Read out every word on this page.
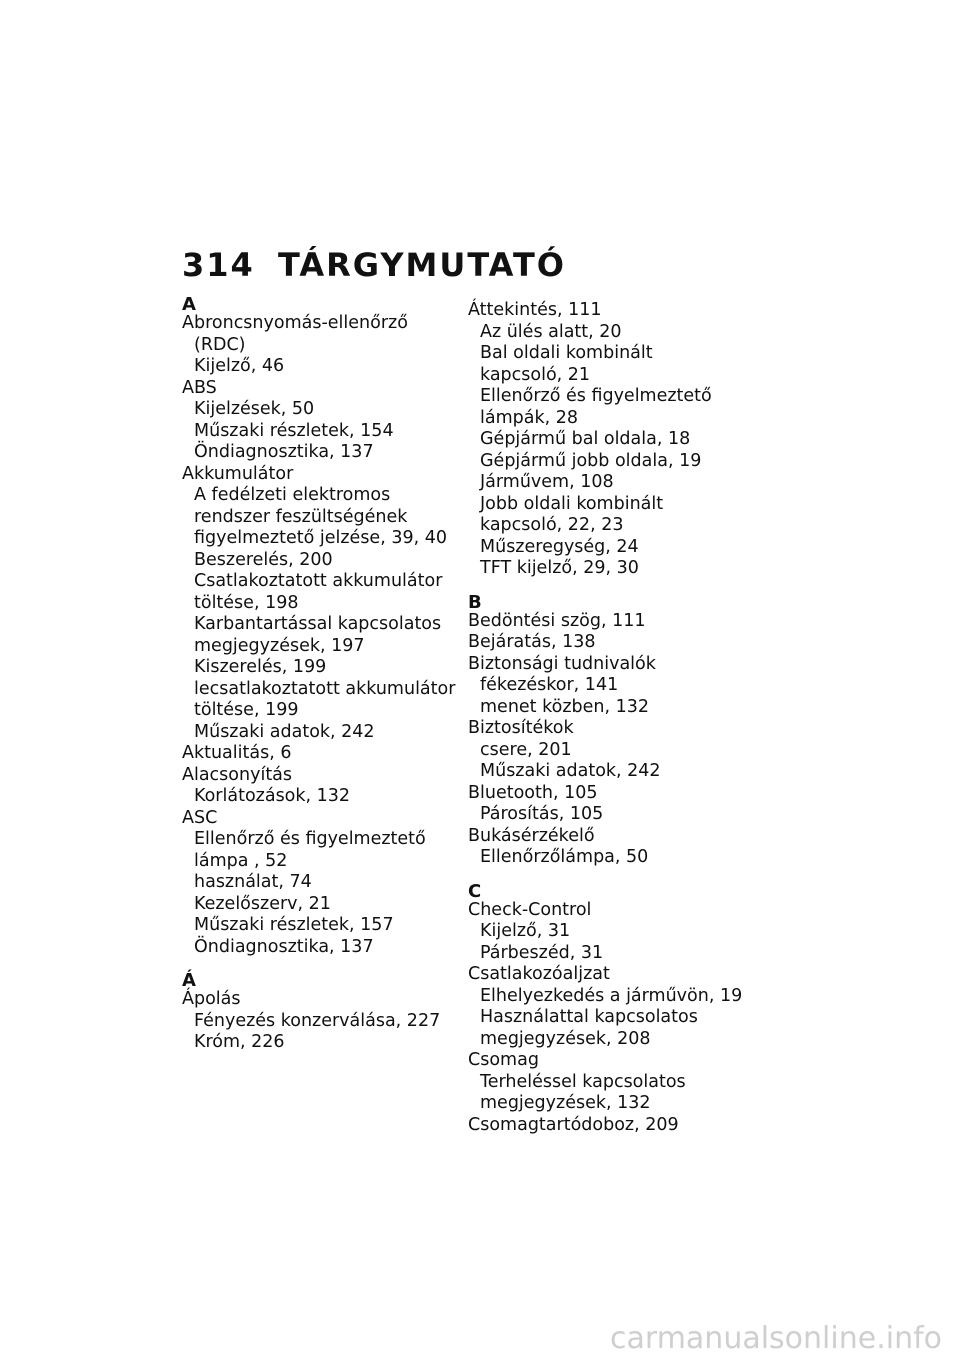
314 TÁRGYMUTATÓ
A
Abroncsnyomás-ellenőrző
(RDC)
Kijelző, 46
ABS
Kijelzések, 50
Műszaki részletek, 154
Öndiagnosztika, 137
Akkumulátor
A fedélzeti elektromos
rendszer feszültségének
figyelmeztető jelzése, 39, 40
Beszerelés, 200
Csatlakoztatott akkumulátor
töltése, 198
Karbantartással kapcsolatos
megjegyzések, 197
Kiszerelés, 199
lecsatlakoztatott akkumulátor
töltése, 199
Műszaki adatok, 242
Aktualitás, 6
Alacsonyítás
Korlátozások, 132
ASC
Ellenőrző és figyelmeztető
lámpa , 52
használat, 74
Kezelőszerv, 21
Műszaki részletek, 157
Öndiagnosztika, 137
Á
Ápolás
Fényezés konzerválása, 227
Króm, 226
Áttekintés, 111
Az ülés alatt, 20
Bal oldali kombinált
kapcsoló, 21
Ellenőrző és figyelmeztető
lámpák, 28
Gépjármű bal oldala, 18
Gépjármű jobb oldala, 19
Járművem, 108
Jobb oldali kombinált
kapcsoló, 22, 23
Műszeregység, 24
TFT kijelző, 29, 30
B
Bedöntési szög, 111
Bejáratás, 138
Biztonsági tudnivalók
fékezéskor, 141
menet közben, 132
Biztosítékok
csere, 201
Műszaki adatok, 242
Bluetooth, 105
Párosítás, 105
Bukásérzékelő
Ellenőrzőlámpa, 50
C
Check-Control
Kijelző, 31
Párbeszéd, 31
Csatlakozóaljzat
Elhelyezkedés a járművön, 19
Használattal kapcsolatos
megjegyzések, 208
Csomag
Terheléssel kapcsolatos
megjegyzések, 132
Csomagtartódoboz, 209
carmanualsonline.info
